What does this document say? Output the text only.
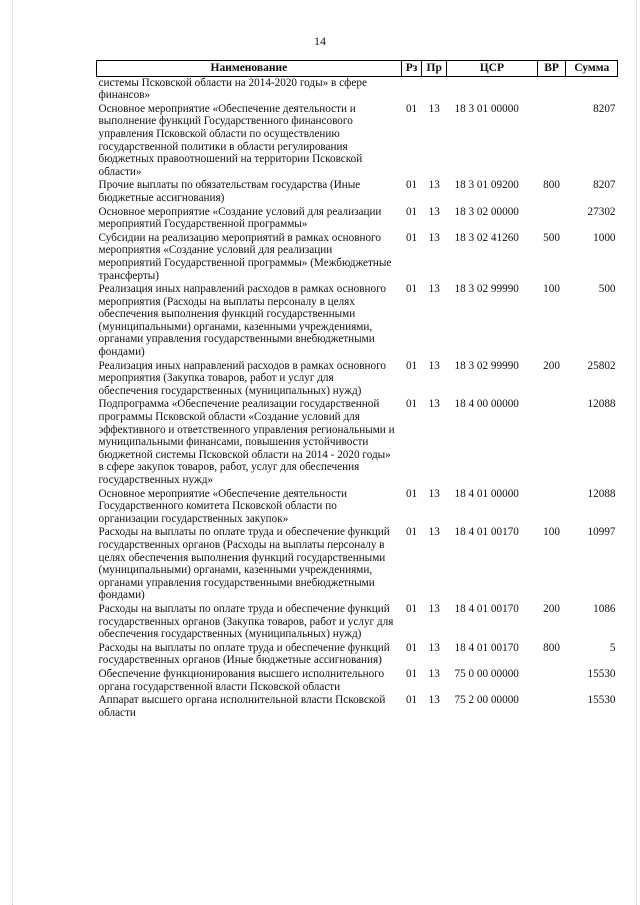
14
Наименование	Рз	Пр	ЦСР	ВР	Сумма
системы Псковской области на 2014-2020 годы» в сфере финансов»					
Основное мероприятие «Обеспечение деятельности и выполнение функций Государственного финансового управления Псковской области по осуществлению государственной политики в области регулирования бюджетных правоотношений на территории Псковской области»	01	13	18 3 01 00000		8207
Прочие выплаты по обязательствам государства (Иные бюджетные ассигнования)	01	13	18 3 01 09200	800	8207
Основное мероприятие «Создание условий для реализации мероприятий Государственной программы»	01	13	18 3 02 00000		27302
Субсидии на реализацию мероприятий в рамках основного мероприятия «Создание условий для реализации мероприятий Государственной программы» (Межбюджетные трансферты)	01	13	18 3 02 41260	500	1000
Реализация иных направлений расходов в рамках основного мероприятия (Расходы на выплаты персоналу в целях обеспечения выполнения функций государственными (муниципальными) органами, казенными учреждениями, органами управления государственными внебюджетными фондами)	01	13	18 3 02 99990	100	500
Реализация иных направлений расходов в рамках основного мероприятия (Закупка товаров, работ и услуг для обеспечения государственных (муниципальных) нужд)	01	13	18 3 02 99990	200	25802
Подпрограмма «Обеспечение реализации государственной программы Псковской области «Создание условий для эффективного и ответственного управления региональными и муниципальными финансами, повышения устойчивости бюджетной системы Псковской области на 2014 - 2020 годы» в сфере закупок товаров, работ, услуг для обеспечения государственных нужд»	01	13	18 4 00 00000		12088
Основное мероприятие «Обеспечение деятельности Государственного комитета Псковской области по организации государственных закупок»	01	13	18 4 01 00000		12088
Расходы на выплаты по оплате труда и обеспечение функций государственных органов (Расходы на выплаты персоналу в целях обеспечения выполнения функций государственными (муниципальными) органами, казенными учреждениями, органами управления государственными внебюджетными фондами)	01	13	18 4 01 00170	100	10997
Расходы на выплаты по оплате труда и обеспечение функций государственных органов (Закупка товаров, работ и услуг для обеспечения государственных (муниципальных) нужд)	01	13	18 4 01 00170	200	1086
Расходы на выплаты по оплате труда и обеспечение функций государственных органов (Иные бюджетные ассигнования)	01	13	18 4 01 00170	800	5
Обеспечение функционирования высшего исполнительного органа государственной власти Псковской области	01	13	75 0 00 00000		15530
Аппарат высшего органа исполнительной власти Псковской области	01	13	75 2 00 00000		15530
